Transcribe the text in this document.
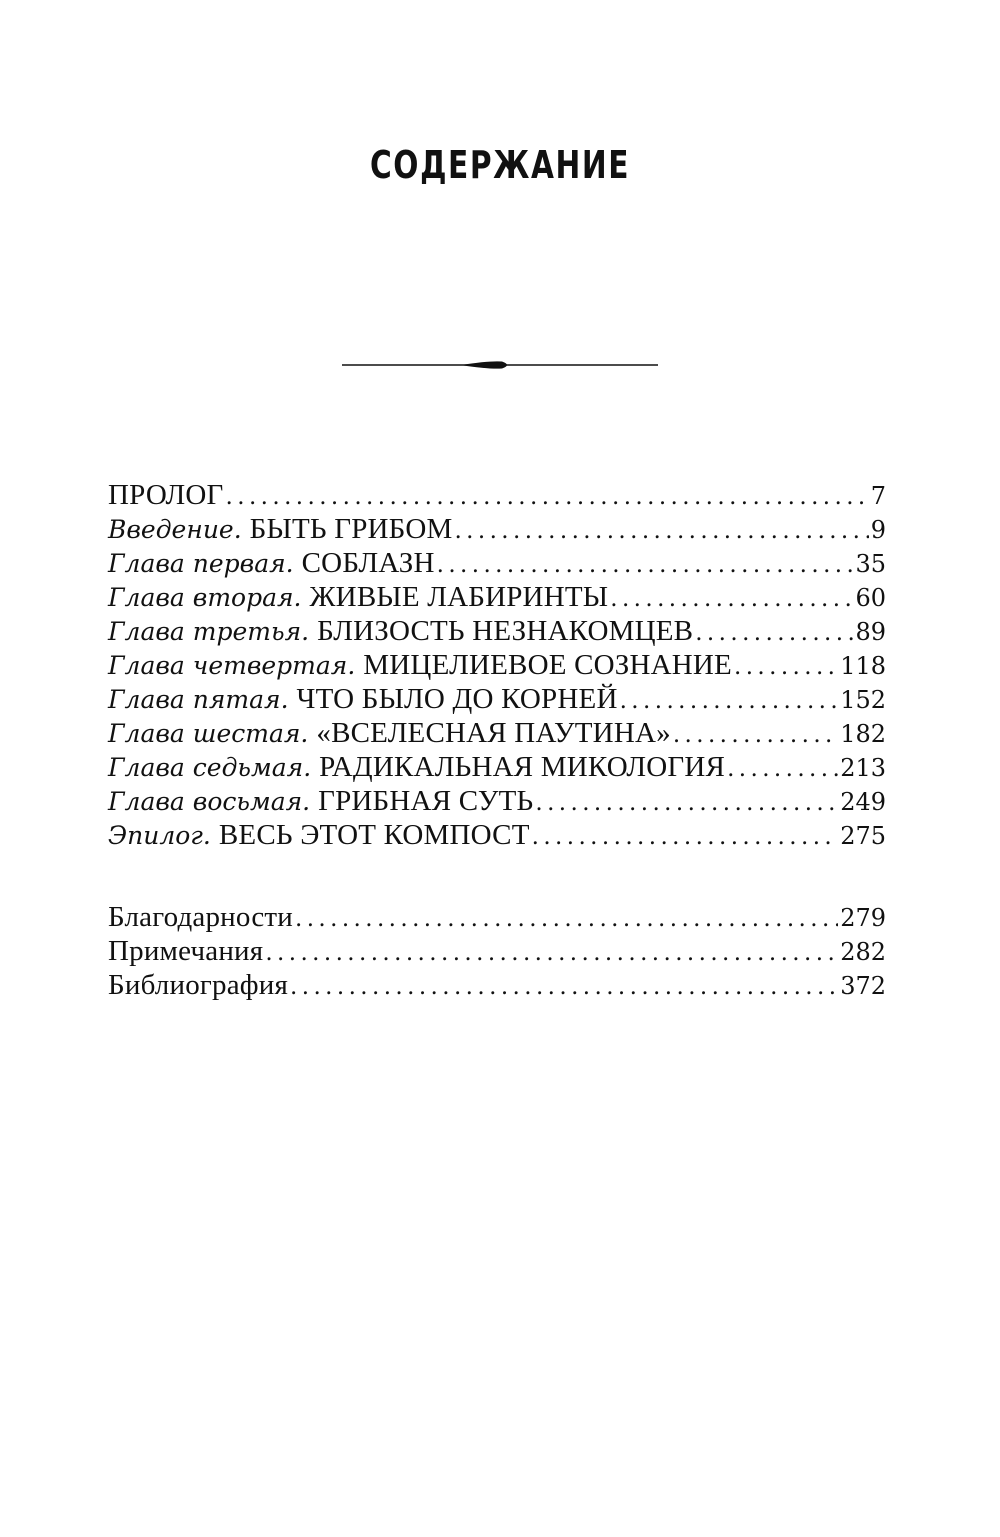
СОДЕРЖАНИЕ
ПРОЛОГ .....	7
Введение. БЫТЬ ГРИБОМ .....	9
Глава первая. СОБЛАЗН .....	35
Глава вторая. ЖИВЫЕ ЛАБИРИНТЫ .....	60
Глава третья. БЛИЗОСТЬ НЕЗНАКОМЦЕВ .....	89
Глава четвертая. МИЦЕЛИЕВОЕ СОЗНАНИЕ .....	118
Глава пятая. ЧТО БЫЛО ДО КОРНЕЙ .....	152
Глава шестая. «ВСЕЛЕСНАЯ ПАУТИНА» .....	182
Глава седьмая. РАДИКАЛЬНАЯ МИКОЛОГИЯ .....	213
Глава восьмая. ГРИБНАЯ СУТЬ .....	249
Эпилог. ВЕСЬ ЭТОТ КОМПОСТ .....	275
Благодарности .....	279
Примечания .....	282
Библиография .....	372
